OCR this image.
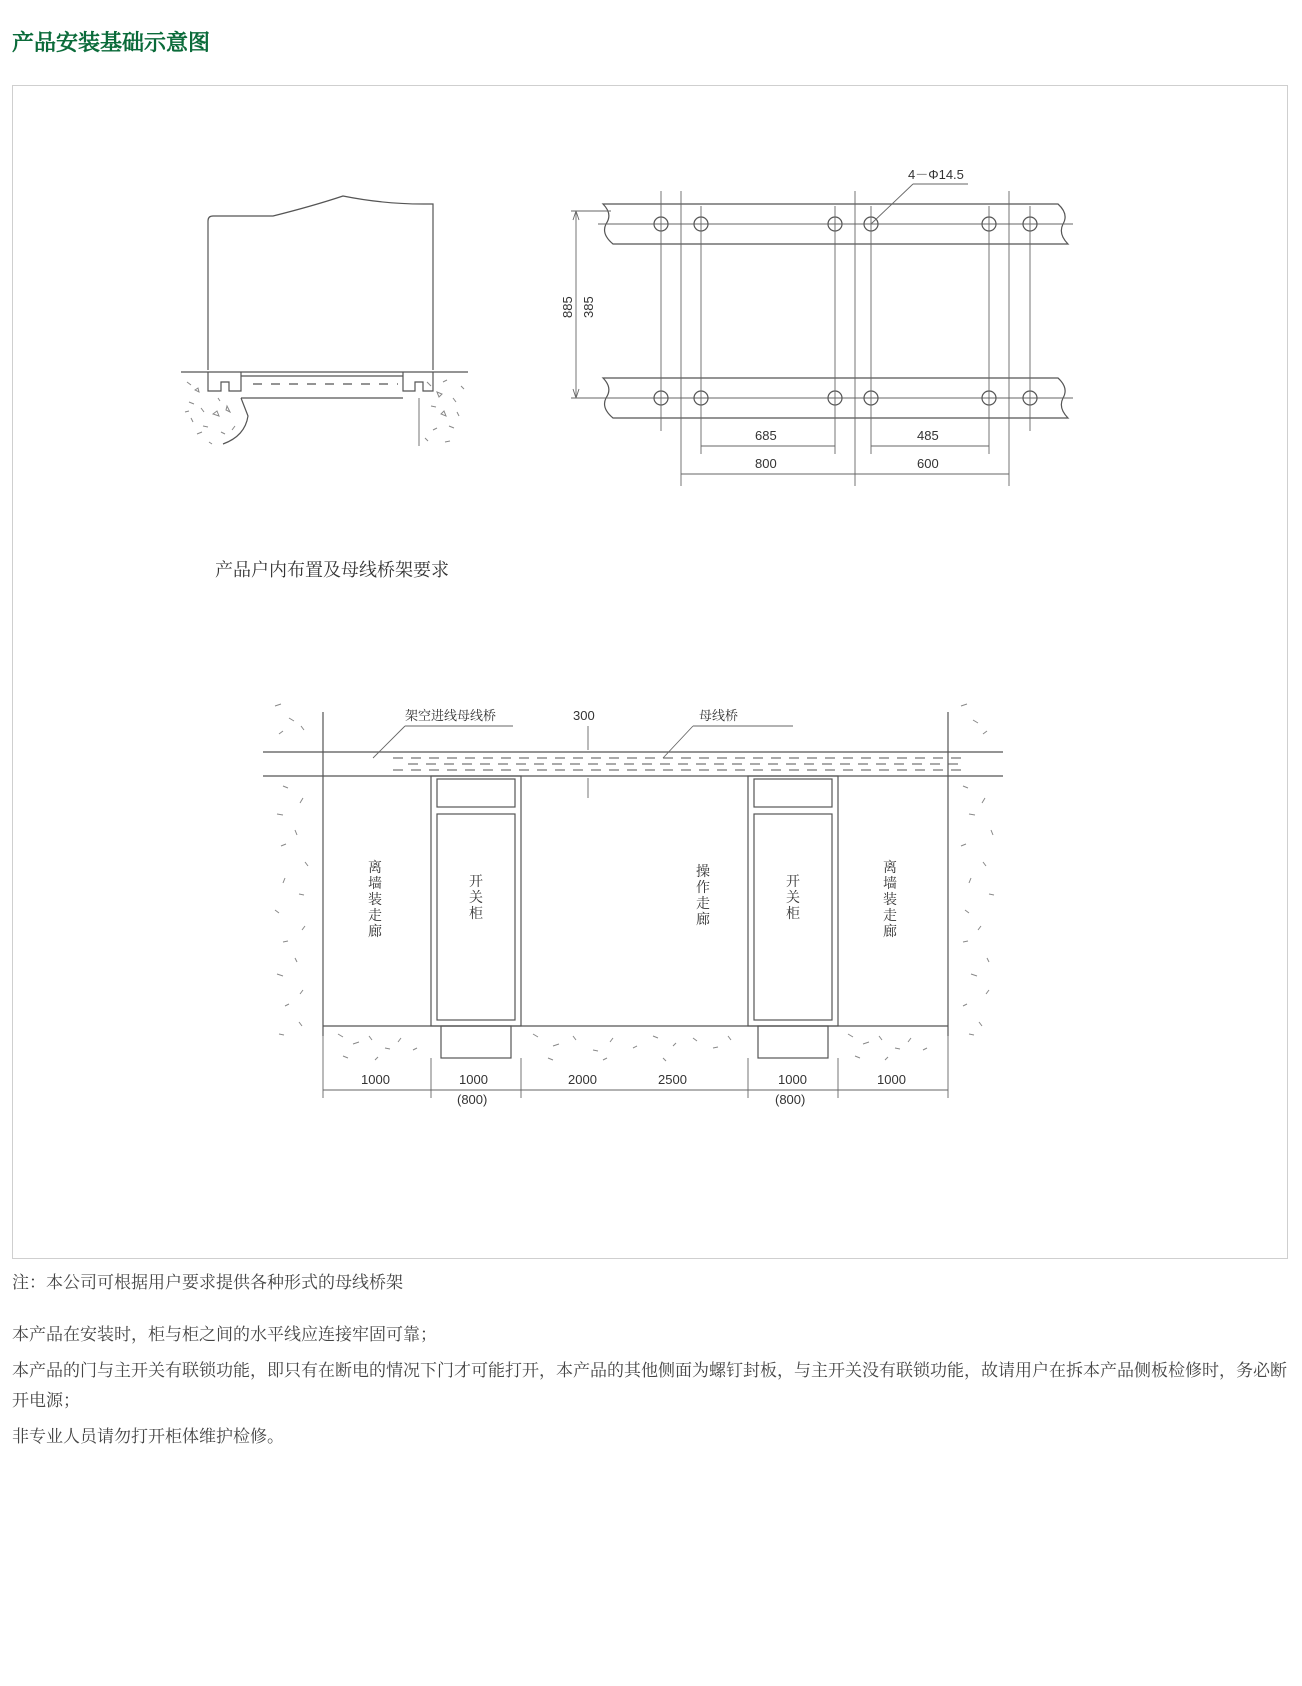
产品安装基础示意图
产品户内布置及母线桥架要求
4－Φ14.5
885 385
685	485
800	600
300
架空进线母线桥	母线桥
离墙装走廊
开关柜
操作走廊
开关柜
离墙装走廊
1000	1000
(800)
2000	2500	1000
(800)
1000
注：本公司可根据用户要求提供各种形式的母线桥架

本产品在安装时，柜与柜之间的水平线应连接牢固可靠；

本产品的门与主开关有联锁功能，即只有在断电的情况下门才可能打开，本产品的其他侧面为螺钉封板，与主开关没有联锁功能，故请用户在拆本产品侧板检修时，务必断开电源；

非专业人员请勿打开柜体维护检修。
